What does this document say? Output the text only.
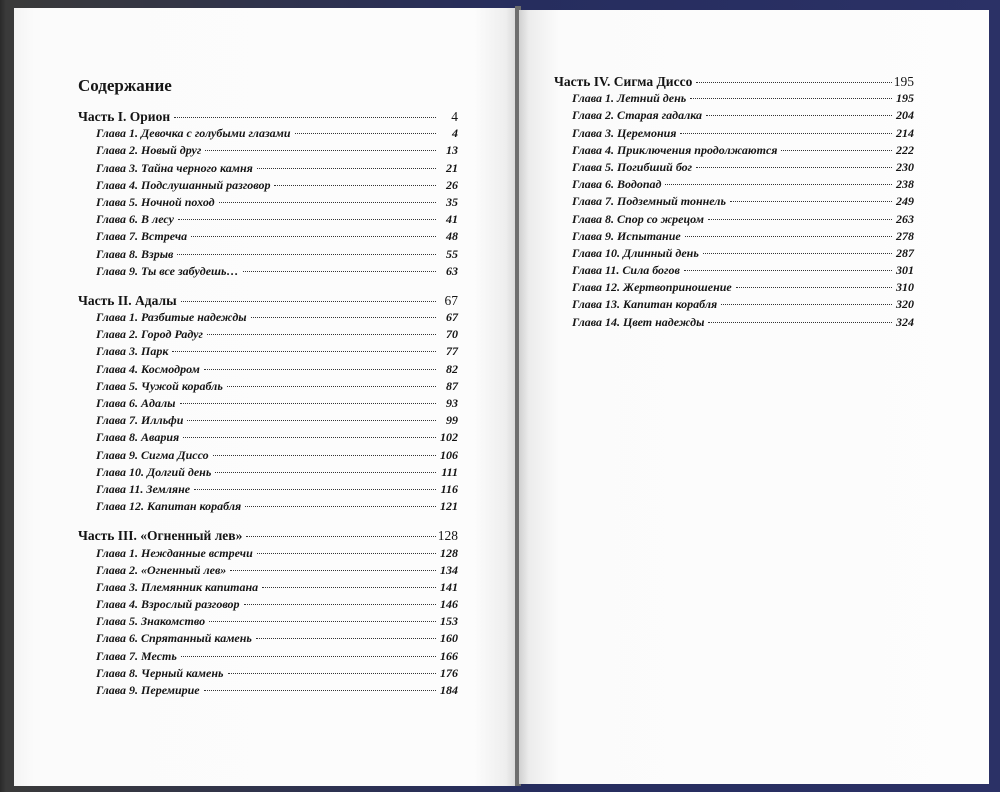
Содержание
Часть I. Орион	4
Глава 1. Девочка с голубыми глазами	4
Глава 2. Новый друг	13
Глава 3. Тайна черного камня	21
Глава 4. Подслушанный разговор	26
Глава 5. Ночной поход	35
Глава 6. В лесу	41
Глава 7. Встреча	48
Глава 8. Взрыв	55
Глава 9. Ты все забудешь…	63
Часть II. Адалы	67
Глава 1. Разбитые надежды	67
Глава 2. Город Радуг	70
Глава 3. Парк	77
Глава 4. Космодром	82
Глава 5. Чужой корабль	87
Глава 6. Адалы	93
Глава 7. Илльфи	99
Глава 8. Авария	102
Глава 9. Сигма Диссо	106
Глава 10. Долгий день	111
Глава 11. Земляне	116
Глава 12. Капитан корабля	121
Часть III. «Огненный лев»	128
Глава 1. Нежданные встречи	128
Глава 2. «Огненный лев»	134
Глава 3. Племянник капитана	141
Глава 4. Взрослый разговор	146
Глава 5. Знакомство	153
Глава 6. Спрятанный камень	160
Глава 7. Месть	166
Глава 8. Черный камень	176
Глава 9. Перемирие	184
Часть IV. Сигма Диссо	195
Глава 1. Летний день	195
Глава 2. Старая гадалка	204
Глава 3. Церемония	214
Глава 4. Приключения продолжаются	222
Глава 5. Погибший бог	230
Глава 6. Водопад	238
Глава 7. Подземный тоннель	249
Глава 8. Спор со жрецом	263
Глава 9. Испытание	278
Глава 10. Длинный день	287
Глава 11. Сила богов	301
Глава 12. Жертвоприношение	310
Глава 13. Капитан корабля	320
Глава 14. Цвет надежды	324
